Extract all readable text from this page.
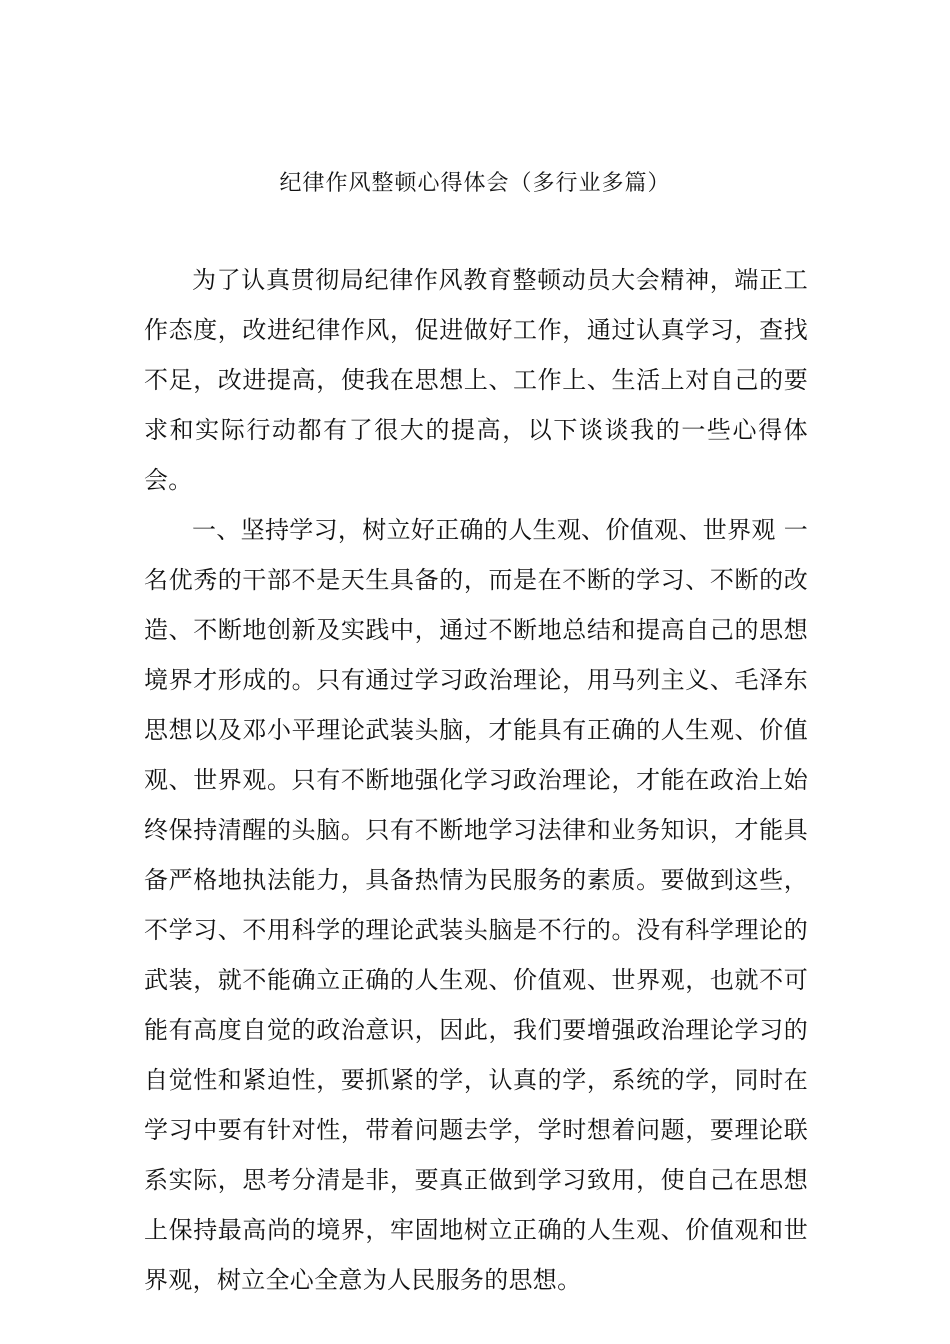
纪律作风整顿心得体会（多行业多篇）

为了认真贯彻局纪律作风教育整顿动员大会精神，端正工作态度，改进纪律作风，促进做好工作，通过认真学习，查找 不足，改进提高，使我在思想上、工作上、生活上对自己的要求和实际行动都有了很大的提高，以下谈谈我的一些心得体会。

一、坚持学习，树立好正确的人生观、价值观、世界观 一名优秀的干部不是天生具备的，而是在不断的学习、不断的改造、不断地创新及实践中，通过不断地总结和提高自己的思想境界才形成的。只有通过学习政治理论，用马列主义、毛泽东思想以及邓小平理论武装头脑，才能具有正确的人生观、价值观、世界观。只有不断地强化学习政治理论，才能在政治上始终保持清醒的头脑。只有不断地学习法律和业务知识，才能具备严格地执法能力，具备热情为民服务的素质。要做到这些，不学习、不用科学的理论武装头脑是不行的。没有科学理论的武装，就不能确立正确的人生观、价值观、世界观，也就不可能有高度自觉的政治意识，因此，我们要增强政治理论学习的自觉性和紧迫性，要抓紧的学，认真的学，系统的学，同时在学习中要有针对性，带着问题去学，学时想着问题，要理论联系实际，思考分清是非，要真正做到学习致用，使自己在思想上保持最高尚的境界，牢固地树立正确的人生观、价值观和世界观，树立全心全意为人民服务的思想。
